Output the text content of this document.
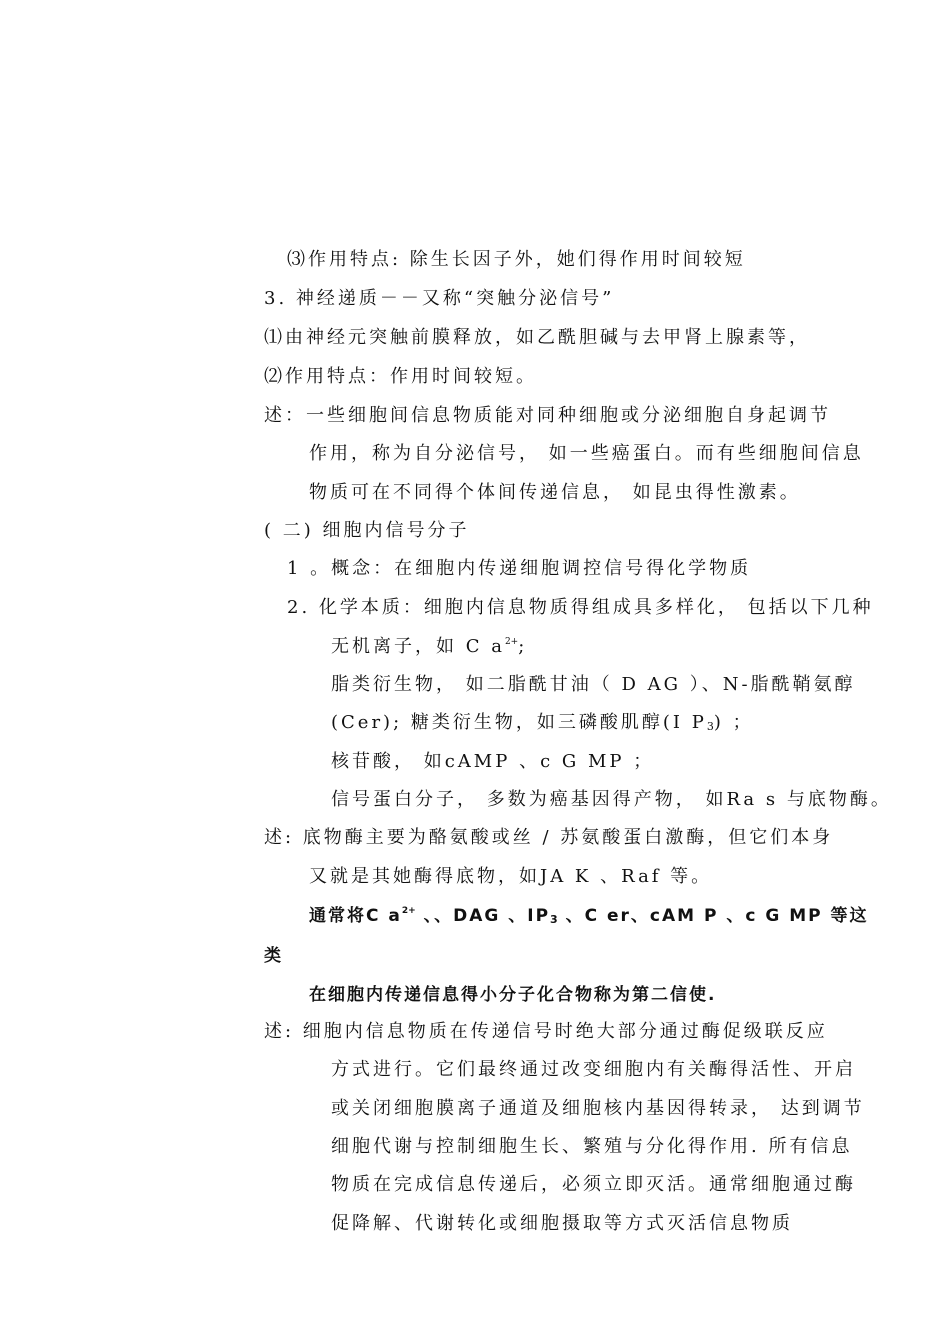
⑶作用特点: 除生长因子外，她们得作用时间较短
3. 神经递质－－又称“突触分泌信号”
⑴由神经元突触前膜释放，如乙酰胆碱与去甲肾上腺素等，
⑵作用特点：作用时间较短。
述：一些细胞间信息物质能对同种细胞或分泌细胞自身起调节
作用，称为自分泌信号， 如一些癌蛋白。而有些细胞间信息
物质可在不同得个体间传递信息， 如昆虫得性激素。
( 二) 细胞内信号分子
1 。概念：在细胞内传递细胞调控信号得化学物质
2. 化学本质：细胞内信息物质得组成具多样化， 包括以下几种
无机离子，如 C $a^{2+}$;
脂类衍生物， 如二脂酰甘油（ D AG ）、N-脂酰鞘氨醇
(Cer); 糖类衍生物，如三磷酸肌醇(I $P_3$) ；
核苷酸， 如cAMP 、c G MP ；
信号蛋白分子， 多数为癌基因得产物， 如Ra s 与底物酶。
述: 底物酶主要为酪氨酸或丝 / 苏氨酸蛋白激酶，但它们本身
又就是其她酶得底物，如JA K 、Raf 等。
通常将C $a^{2+}$ 、、DAG 、$IP_3$ 、C er、cAM P 、c G MP 等这
类
在细胞内传递信息得小分子化合物称为第二信使.
述: 细胞内信息物质在传递信号时绝大部分通过酶促级联反应
方式进行。它们最终通过改变细胞内有关酶得活性、开启
或关闭细胞膜离子通道及细胞核内基因得转录， 达到调节
细胞代谢与控制细胞生长、繁殖与分化得作用. 所有信息
物质在完成信息传递后，必须立即灭活。通常细胞通过酶
促降解、代谢转化或细胞摄取等方式灭活信息物质
